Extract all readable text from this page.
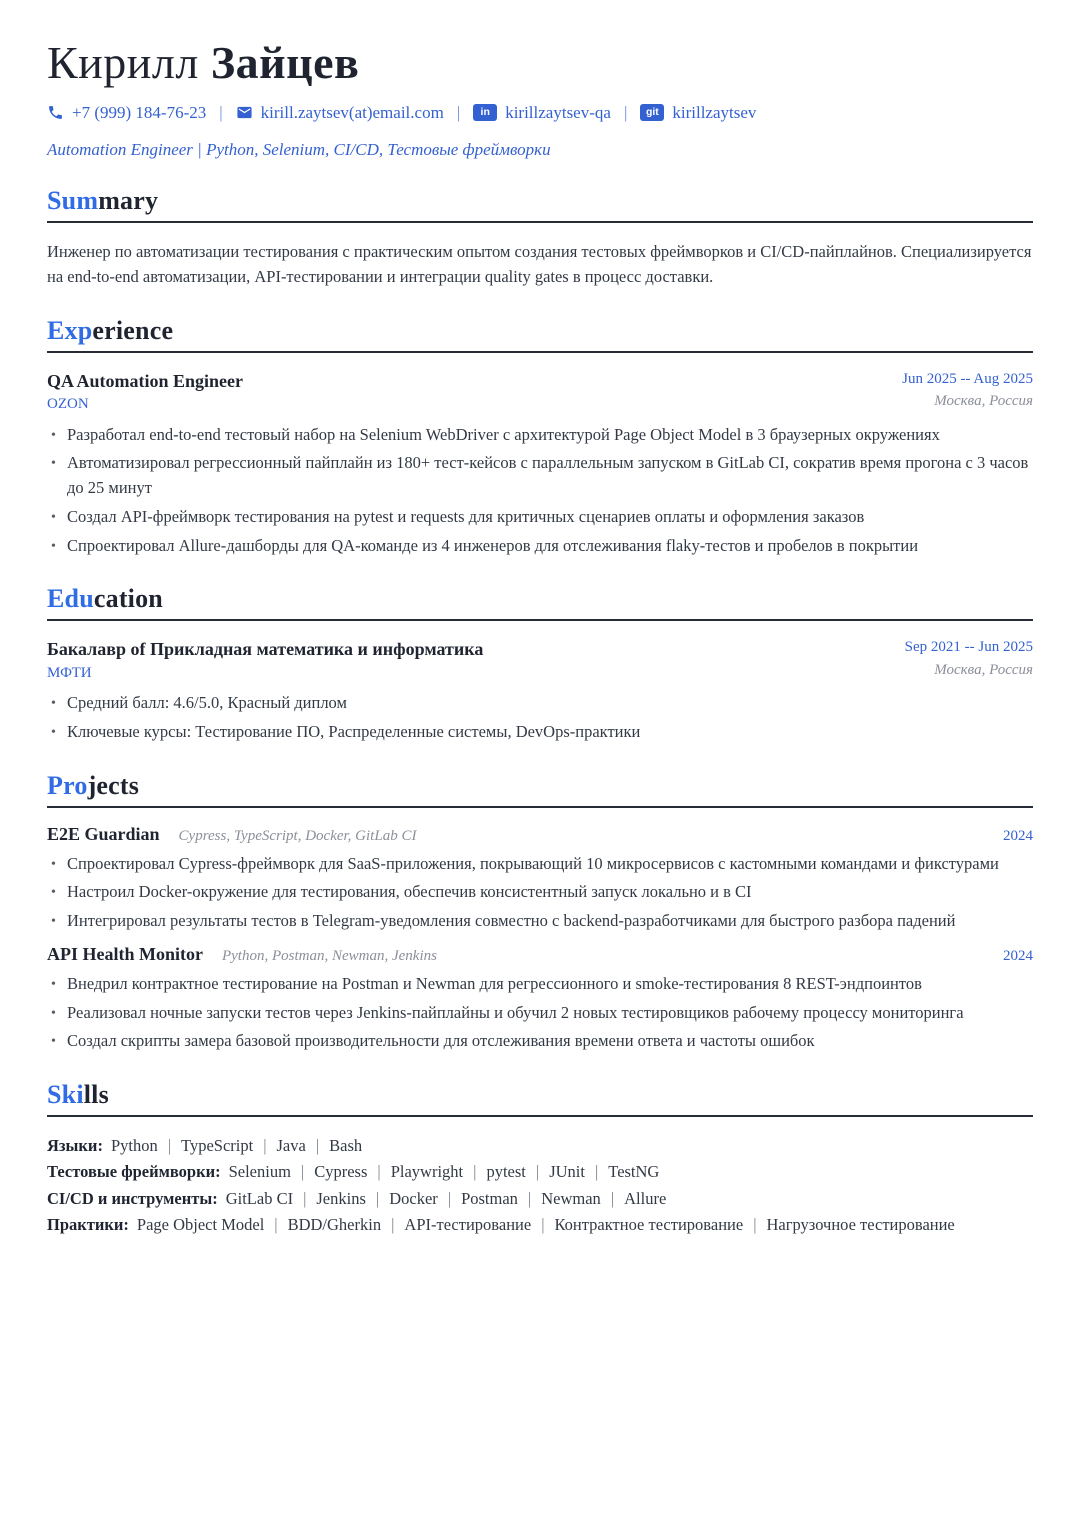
Кирилл Зайцев
+7 (999) 184-76-23 | kirill.zaytsev(at)email.com |	in kirillzaytsev-qa |	git kirillzaytsev
Automation Engineer | Python, Selenium, CI/CD, Тестовые фреймворки
Summary

Инженер по автоматизации тестирования с практическим опытом создания тестовых фреймворков и CI/CD-пайплайнов. Специализируется на end-to-end автоматизации, API-тестировании и интеграции quality gates в процесс доставки.

Experience
QA Automation Engineer
OZON
Jun 2025 -- Aug 2025
Москва, Россия
• Разработал end-to-end тестовый набор на Selenium WebDriver с архитектурой Page Object Model в 3 браузерных окружениях
• Автоматизировал регрессионный пайплайн из 180+ тест-кейсов с параллельным запуском в GitLab CI, сократив время прогона с 3 часов до 25 минут
• Создал API-фреймворк тестирования на pytest и requests для критичных сценариев оплаты и оформления заказов
• Спроектировал Allure-дашборды для QA-команде из 4 инженеров для отслеживания flaky-тестов и пробелов в покрытии
Education
Бакалавр of Прикладная математика и информатика
МФТИ
Sep 2021 -- Jun 2025
Москва, Россия
• Средний балл: 4.6/5.0, Красный диплом
• Ключевые курсы: Тестирование ПО, Распределенные системы, DevOps-практики
Projects
E2E Guardian Cypress, TypeScript, Docker, GitLab CI	2024
• Спроектировал Cypress-фреймворк для SaaS-приложения, покрывающий 10 микросервисов с кастомными командами и фикстурами
• Настроил Docker-окружение для тестирования, обеспечив консистентный запуск локально и в CI
• Интегрировал результаты тестов в Telegram-уведомления совместно с backend-разработчиками для быстрого разбора падений
API Health Monitor Python, Postman, Newman, Jenkins	2024
• Внедрил контрактное тестирование на Postman и Newman для регрессионного и smoke-тестирования 8 REST-эндпоинтов
• Реализовал ночные запуски тестов через Jenkins-пайплайны и обучил 2 новых тестировщиков рабочему процессу мониторинга
• Создал скрипты замера базовой производительности для отслеживания времени ответа и частоты ошибок
Skills
Языки: Python | TypeScript | Java | Bash
Тестовые фреймворки: Selenium | Cypress | Playwright | pytest | JUnit | TestNG
CI/CD и инструменты: GitLab CI | Jenkins | Docker | Postman | Newman | Allure
Практики: Page Object Model | BDD/Gherkin | API-тестирование | Контрактное тестирование | Нагрузочное тестирование
